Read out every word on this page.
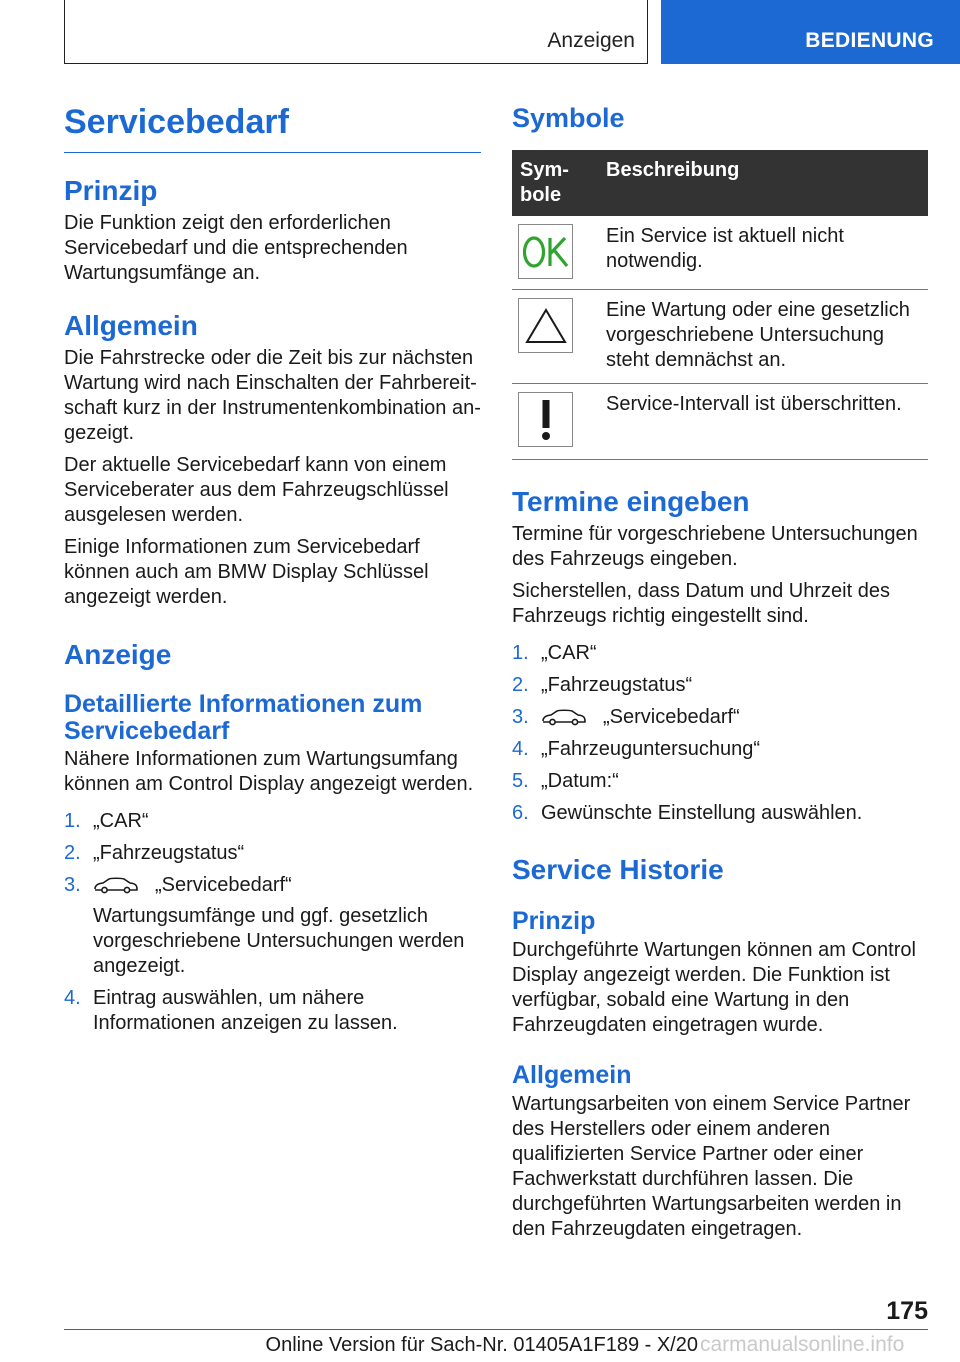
Anzeigen	BEDIENUNG
Servicebedarf
Prinzip

Die Funktion zeigt den erforderlichen Servicebedarf und die entsprechenden Wartungsumfänge an.

Allgemein

Die Fahrstrecke oder die Zeit bis zur nächsten Wartung wird nach Einschalten der Fahrbereitschaft kurz in der Instrumentenkombination angezeigt.

Der aktuelle Servicebedarf kann von einem Serviceberater aus dem Fahrzeugschlüssel ausgelesen werden.

Einige Informationen zum Servicebedarf können auch am BMW Display Schlüssel angezeigt werden.

Anzeige
Detaillierte Informationen zum Servicebedarf

Nähere Informationen zum Wartungsumfang können am Control Display angezeigt werden.

1. „CAR“
2. „Fahrzeugstatus“
3.	„Servicebedarf“
Wartungsumfänge und ggf. gesetzlich vorgeschriebene Untersuchungen werden angezeigt.
4. Eintrag auswählen, um nähere Informationen anzeigen zu lassen.
Symbole
Symbole	Beschreibung

	Ein Service ist aktuell nicht notwendig.

	Eine Wartung oder eine gesetzlich vorgeschriebene Untersuchung steht demnächst an.

	Service-Intervall ist überschritten.
Termine eingeben

Termine für vorgeschriebene Untersuchungen des Fahrzeugs eingeben.

Sicherstellen, dass Datum und Uhrzeit des Fahrzeugs richtig eingestellt sind.

1. „CAR“
2. „Fahrzeugstatus“
3.	„Servicebedarf“
4. „Fahrzeuguntersuchung“
5. „Datum:“
6. Gewünschte Einstellung auswählen.
Service Historie
Prinzip

Durchgeführte Wartungen können am Control Display angezeigt werden. Die Funktion ist verfügbar, sobald eine Wartung in den Fahrzeugdaten eingetragen wurde.

Allgemein

Wartungsarbeiten von einem Service Partner des Herstellers oder einem anderen qualifizierten Service Partner oder einer Fachwerkstatt durchführen lassen. Die durchgeführten Wartungsarbeiten werden in den Fahrzeugdaten eingetragen.

175
Online Version für Sach-Nr. 01405A1F189 - X/20 carmanualsonline.info
